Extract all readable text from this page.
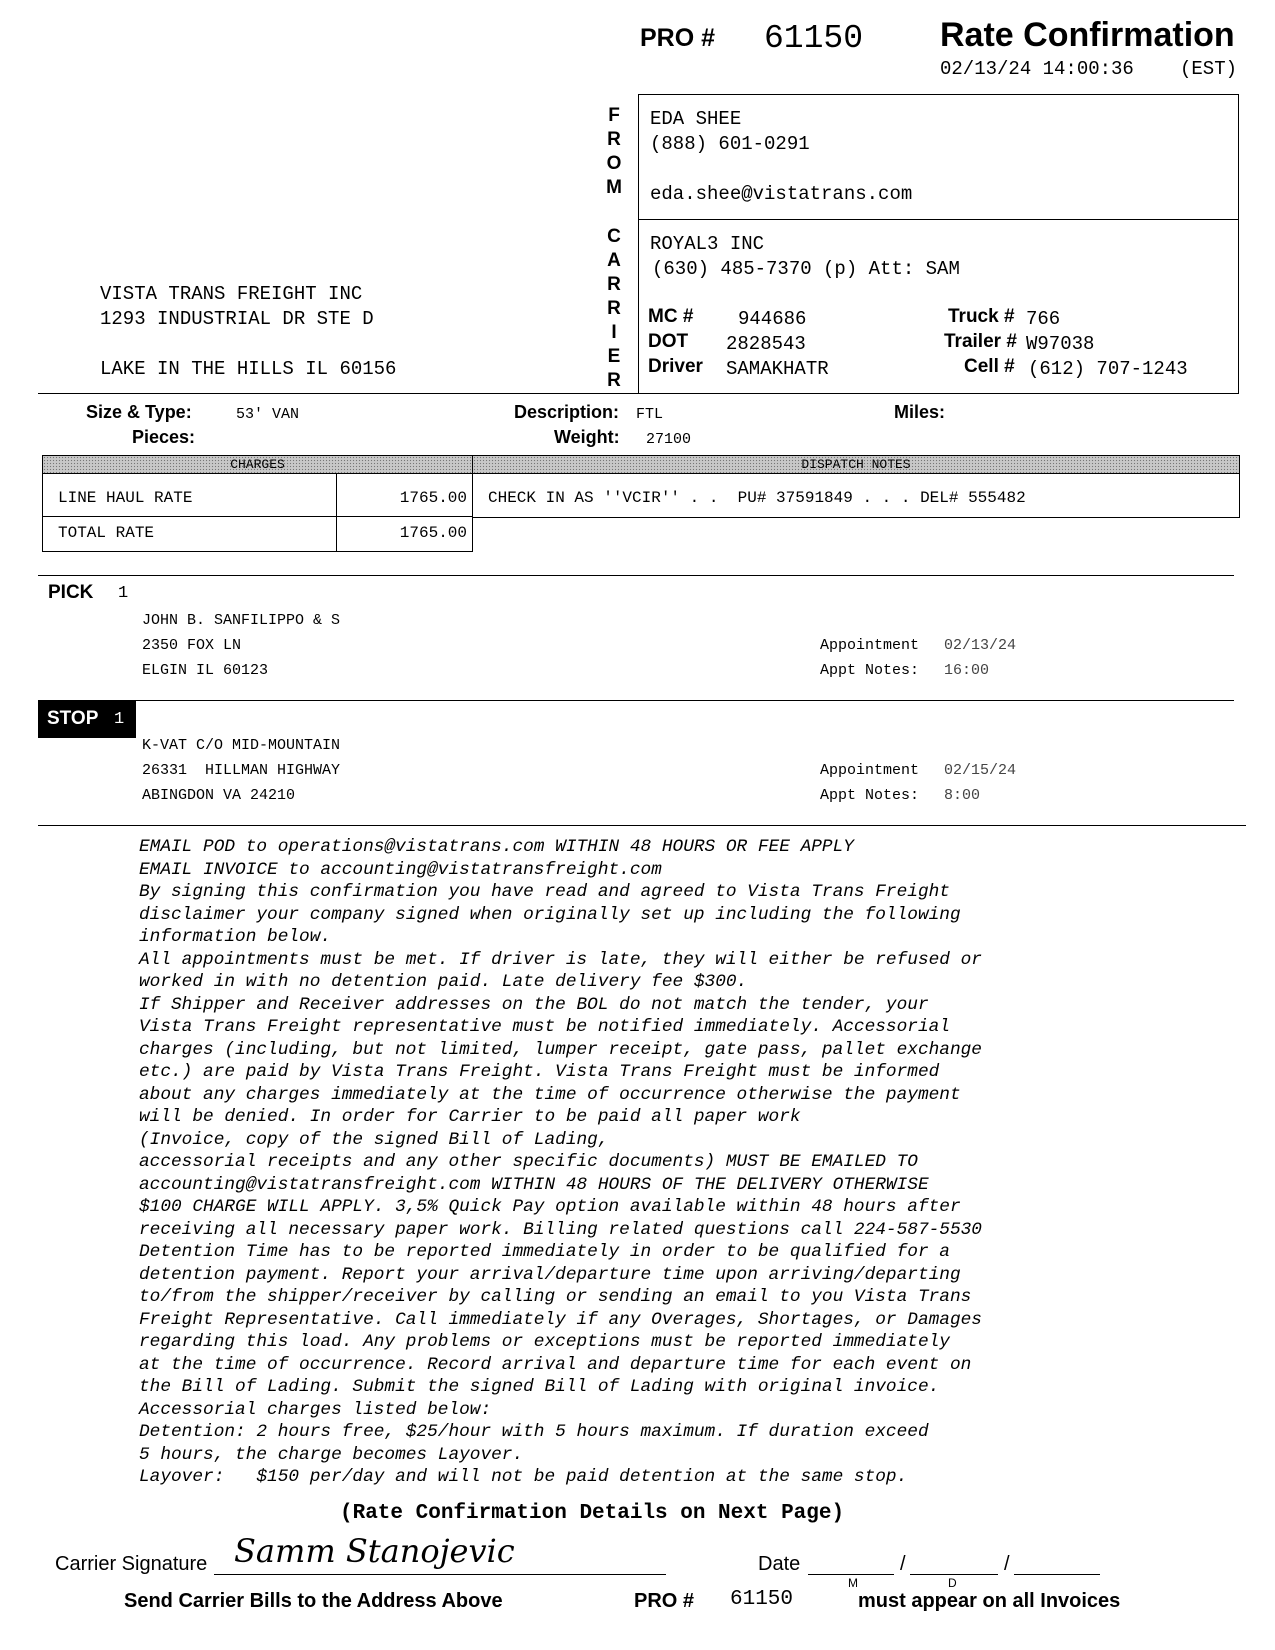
PRO # 61150 Rate Confirmation
02/13/24 14:00:36 (EST)
F
R
O
M
C
A
R
R
I
E
R
EDA SHEE
(888) 601-0291
eda.shee@vistatrans.com
ROYAL3 INC
(630) 485-7370 (p) Att: SAM
MC # 944686
DOT 2828543
Driver SAMAKHATR
Truck # 766
Trailer # W97038
Cell # (612) 707-1243
VISTA TRANS FREIGHT INC
1293 INDUSTRIAL DR STE D
LAKE IN THE HILLS IL 60156
Size & Type:	53' VAN
Pieces:
Description: FTL
Weight: 27100
Miles:
CHARGES	DISPATCH NOTES
LINE HAUL RATE	1765.00
TOTAL RATE	1765.00
CHECK IN AS ''VCIR'' . .  PU# 37591849 . . . DEL# 555482
PICK 1
JOHN B. SANFILIPPO & S
2350 FOX LN
ELGIN IL 60123
Appointment 02/13/24
Appt Notes: 16:00
STOP 1
K-VAT C/O MID-MOUNTAIN
26331  HILLMAN HIGHWAY
ABINGDON VA 24210
Appointment 02/15/24
Appt Notes: 8:00
EMAIL POD to operations@vistatrans.com WITHIN 48 HOURS OR FEE APPLY
EMAIL INVOICE to accounting@vistatransfreight.com
By signing this confirmation you have read and agreed to Vista Trans Freight
disclaimer your company signed when originally set up including the following
information below.
All appointments must be met. If driver is late, they will either be refused or
worked in with no detention paid. Late delivery fee $300.
If Shipper and Receiver addresses on the BOL do not match the tender, your
Vista Trans Freight representative must be notified immediately. Accessorial
charges (including, but not limited, lumper receipt, gate pass, pallet exchange
etc.) are paid by Vista Trans Freight. Vista Trans Freight must be informed
about any charges immediately at the time of occurrence otherwise the payment
will be denied. In order for Carrier to be paid all paper work
(Invoice, copy of the signed Bill of Lading,
accessorial receipts and any other specific documents) MUST BE EMAILED TO
accounting@vistatransfreight.com WITHIN 48 HOURS OF THE DELIVERY OTHERWISE
$100 CHARGE WILL APPLY. 3,5% Quick Pay option available within 48 hours after
receiving all necessary paper work. Billing related questions call 224-587-5530
Detention Time has to be reported immediately in order to be qualified for a
detention payment. Report your arrival/departure time upon arriving/departing
to/from the shipper/receiver by calling or sending an email to you Vista Trans
Freight Representative. Call immediately if any Overages, Shortages, or Damages
regarding this load. Any problems or exceptions must be reported immediately
at the time of occurrence. Record arrival and departure time for each event on
the Bill of Lading. Submit the signed Bill of Lading with original invoice.
Accessorial charges listed below:
Detention: 2 hours free, $25/hour with 5 hours maximum. If duration exceed
5 hours, the charge becomes Layover.
Layover:   $150 per/day and will not be paid detention at the same stop.
(Rate Confirmation Details on Next Page)
Carrier Signature Samm Stanojevic	Date	/	/
M	D
Send Carrier Bills to the Address Above	PRO # 61150	must appear on all Invoices
